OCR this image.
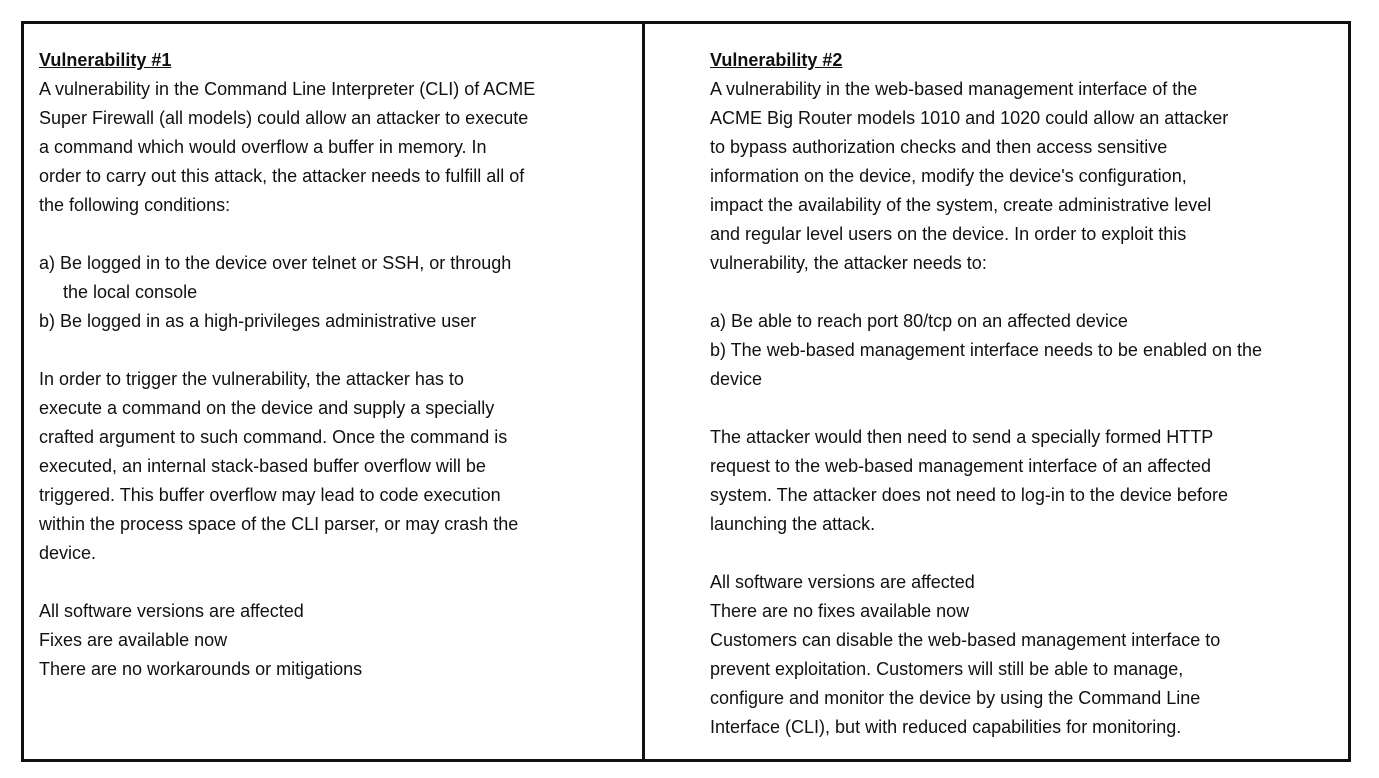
Vulnerability #1

A vulnerability in the Command Line Interpreter (CLI) of ACME
Super Firewall (all models) could allow an attacker to execute
a command which would overflow a buffer in memory. In
order to carry out this attack, the attacker needs to fulfill all of
the following conditions:

a) Be logged in to the device over telnet or SSH, or through

the local console

b) Be logged in as a high-privileges administrative user

In order to trigger the vulnerability, the attacker has to
execute a command on the device and supply a specially
crafted argument to such command. Once the command is
executed, an internal stack-based buffer overflow will be
triggered. This buffer overflow may lead to code execution
within the process space of the CLI parser, or may crash the
device.

All software versions are affected

Fixes are available now

There are no workarounds or mitigations

Vulnerability #2

A vulnerability in the web-based management interface of the
ACME Big Router models 1010 and 1020 could allow an attacker
to bypass authorization checks and then access sensitive
information on the device, modify the device's configuration,
impact the availability of the system, create administrative level
and regular level users on the device. In order to exploit this
vulnerability, the attacker needs to:

a) Be able to reach port 80/tcp on an affected device

b) The web-based management interface needs to be enabled on the
device

The attacker would then need to send a specially formed HTTP
request to the web-based management interface of an affected
system. The attacker does not need to log-in to the device before
launching the attack.

All software versions are affected

There are no fixes available now

Customers can disable the web-based management interface to
prevent exploitation. Customers will still be able to manage,
configure and monitor the device by using the Command Line
Interface (CLI), but with reduced capabilities for monitoring.
